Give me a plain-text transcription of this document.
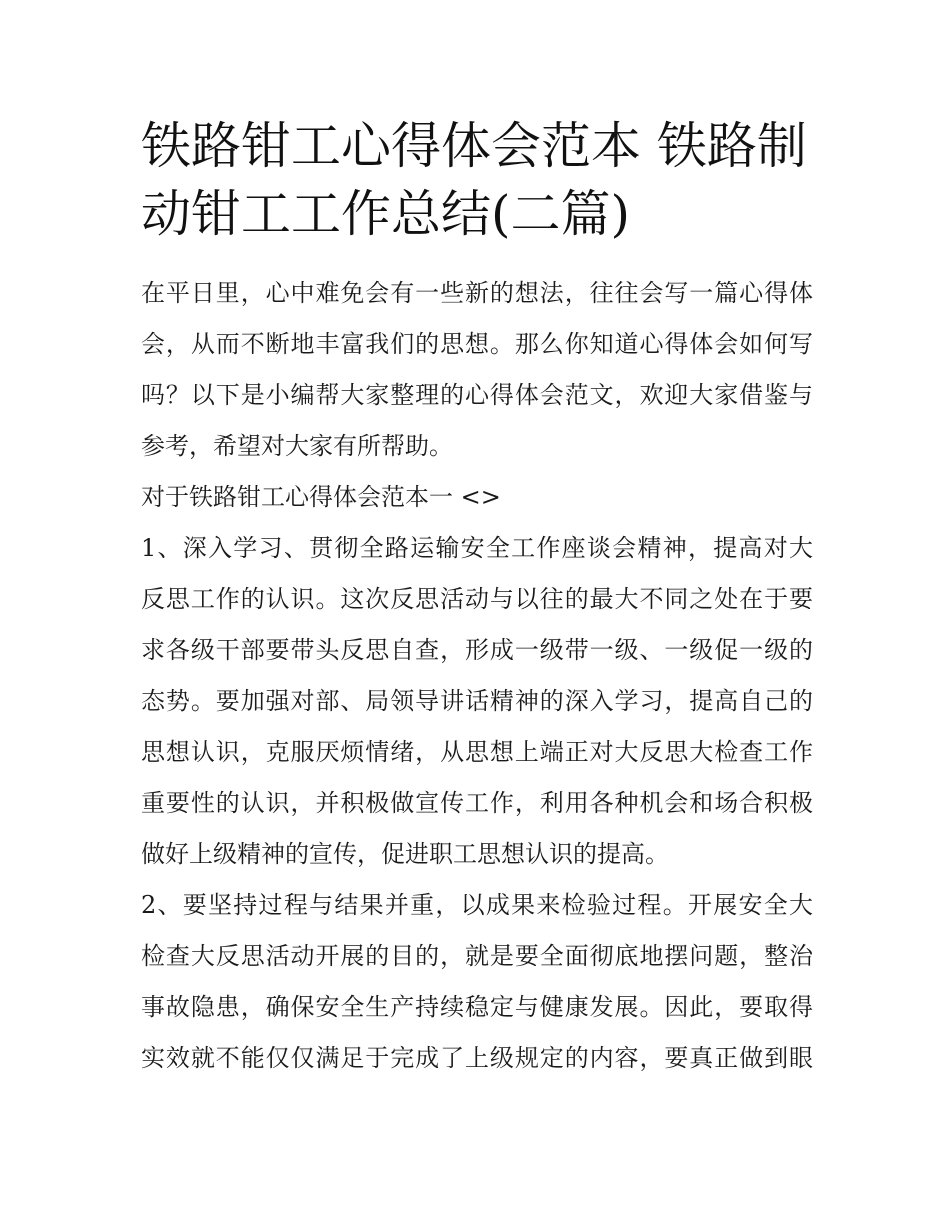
铁路钳工心得体会范本 铁路制
动钳工工作总结(二篇)

在平日里，心中难免会有一些新的想法，往往会写一篇心得体
会，从而不断地丰富我们的思想。那么你知道心得体会如何写
吗？以下是小编帮大家整理的心得体会范文，欢迎大家借鉴与
参考，希望对大家有所帮助。

对于铁路钳工心得体会范本一 <>

1、深入学习、贯彻全路运输安全工作座谈会精神，提高对大
反思工作的认识。这次反思活动与以往的最大不同之处在于要
求各级干部要带头反思自查，形成一级带一级、一级促一级的
态势。要加强对部、局领导讲话精神的深入学习，提高自己的
思想认识，克服厌烦情绪，从思想上端正对大反思大检查工作
重要性的认识，并积极做宣传工作，利用各种机会和场合积极
做好上级精神的宣传，促进职工思想认识的提高。

2、要坚持过程与结果并重，以成果来检验过程。开展安全大
检查大反思活动开展的目的，就是要全面彻底地摆问题，整治
事故隐患，确保安全生产持续稳定与健康发展。因此，要取得
实效就不能仅仅满足于完成了上级规定的内容，要真正做到眼
